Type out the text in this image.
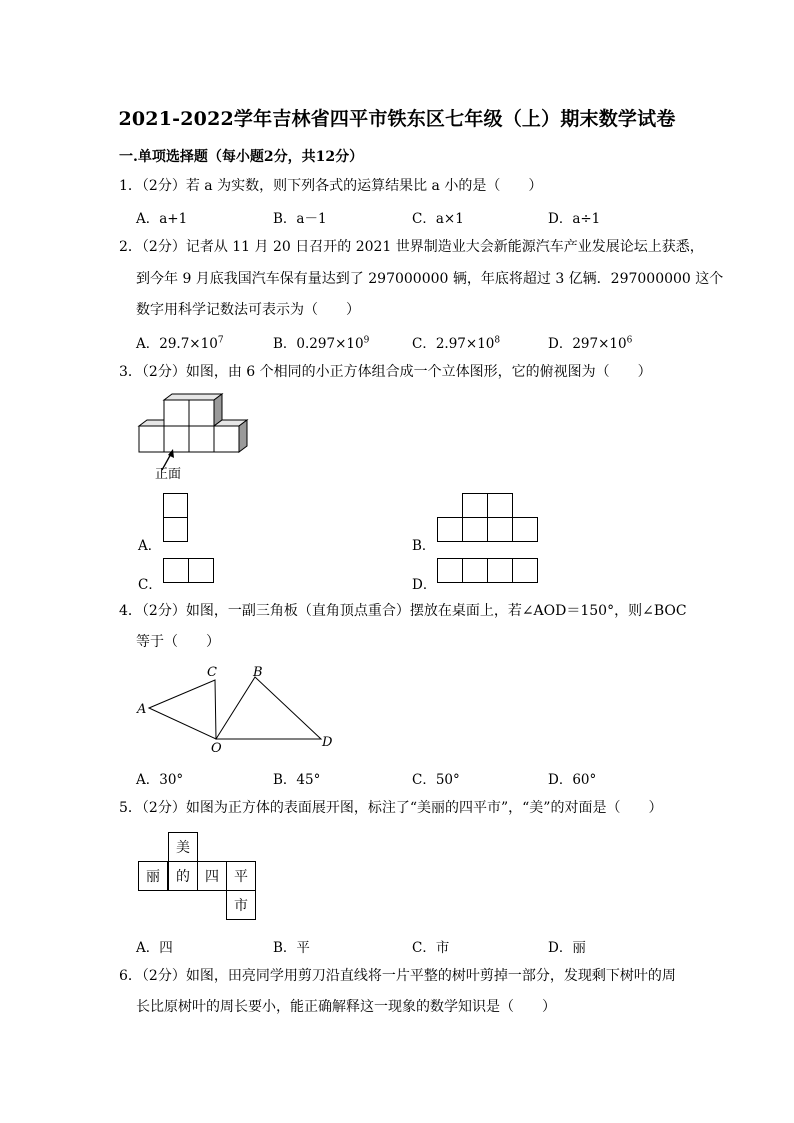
2021-2022学年吉林省四平市铁东区七年级（上）期末数学试卷
一.单项选择题（每小题2分，共12分）
1．（2分）若 a 为实数，则下列各式的运算结果比 a 小的是（　　）
A．a+1	B．a－1	C．a×1	D．a÷1
2．（2分）记者从 11 月 20 日召开的 2021 世界制造业大会新能源汽车产业发展论坛上获悉，
到今年 9 月底我国汽车保有量达到了 297000000 辆，年底将超过 3 亿辆．297000000 这个
数字用科学记数法可表示为（　　）
A．$29.7\times 10^7$	B．$0.297\times 10^9$	C．$2.97\times 10^8$	D．$297\times 10^6$
3．（2分）如图，由 6 个相同的小正方体组合成一个立体图形，它的俯视图为（　　）
正面
A．	B．
C．	D．
4．（2分）如图，一副三角板（直角顶点重合）摆放在桌面上，若∠AOD＝150°，则∠BOC
等于（　　）
A
B
C
O	D
A．30°	B．45°	C．50°	D．60°
5．（2分）如图为正方体的表面展开图，标注了“美丽的四平市”，“美”的对面是（　　）
美
丽 的 四 平
市
A．四	B．平	C．市	D．丽
6．（2分）如图，田亮同学用剪刀沿直线将一片平整的树叶剪掉一部分，发现剩下树叶的周
长比原树叶的周长要小，能正确解释这一现象的数学知识是（　　）
